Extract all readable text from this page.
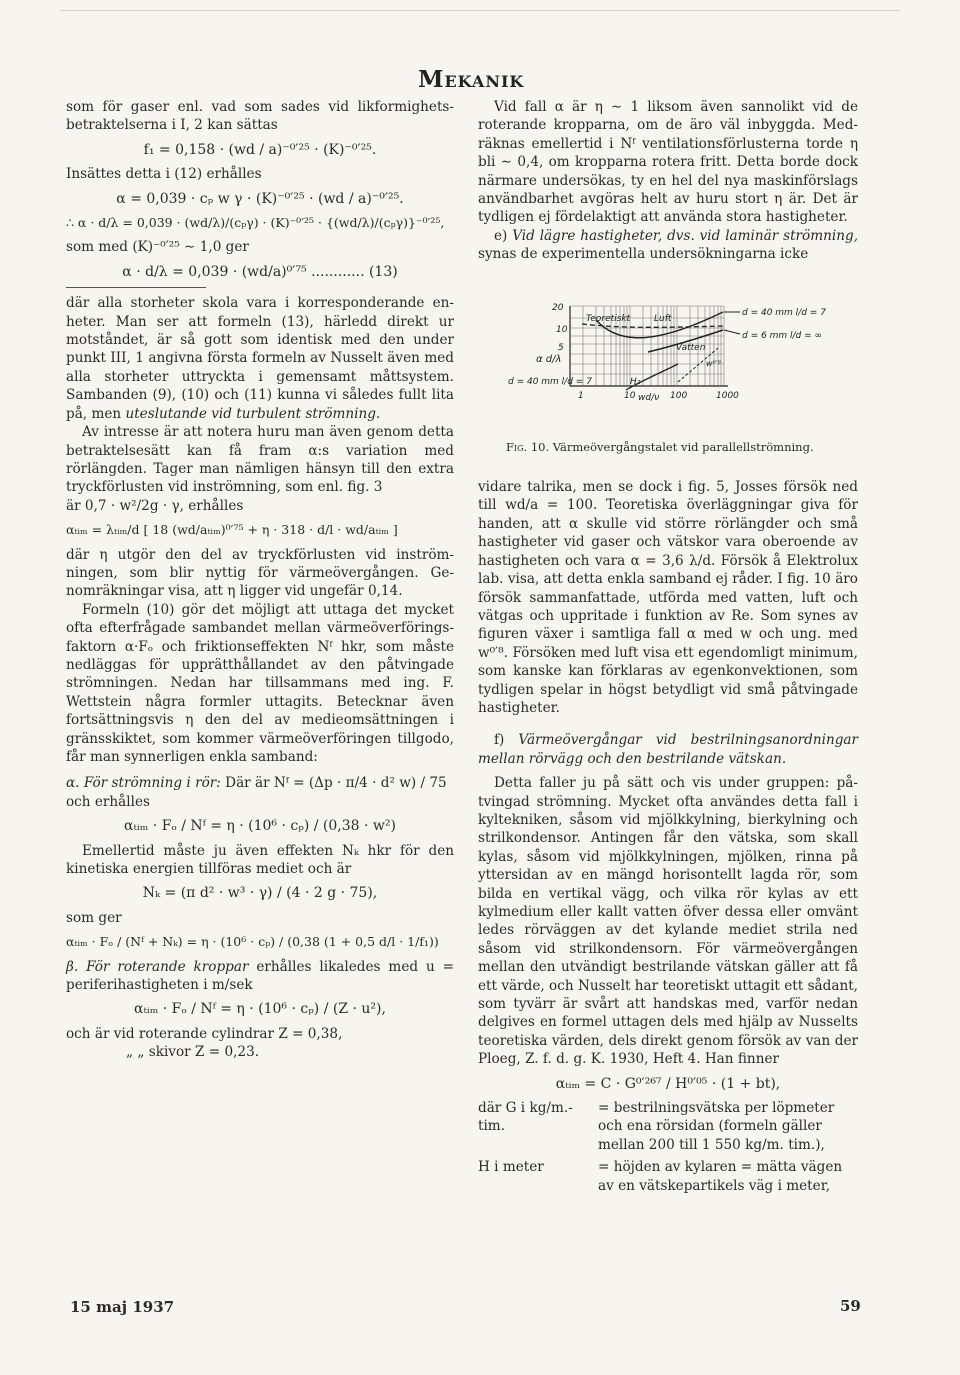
Mekanik

som för gaser enl. vad som sades vid likformighetsbetraktelserna i I, 2 kan sättas

f₁ = 0,158 · (wd / a)⁻⁰′²⁵ · (K)⁻⁰′²⁵.

Insättes detta i (12) erhålles

α = 0,039 · cₚ w γ · (K)⁻⁰′²⁵ · (wd / a)⁻⁰′²⁵.
∴ α · d/λ = 0,039 · (wd/λ)/(cₚγ) · (K)⁻⁰′²⁵ · {(wd/λ)/(cₚγ)}⁻⁰′²⁵,

som med (K)⁻⁰′²⁵ ∼ 1,0 ger

α · d/λ = 0,039 · (wd/a)⁰′⁷⁵ ............ (13)

där alla storheter skola vara i korresponderande enheter. Man ser att formeln (13), härledd direkt ur motståndet, är så gott som identisk med den under punkt III, 1 angivna första formeln av Nusselt även med alla storheter uttryckta i gemensamt måttsystem. Sambanden (9), (10) och (11) kunna vi således fullt lita på, men uteslutande vid turbulent strömning.

Av intresse är att notera huru man även genom detta betraktelsesätt kan få fram α:s variation med rörlängden. Tager man nämligen hänsyn till den extra tryckförlusten vid inströmning, som enl. fig. 3

är 0,7 · w²/2g · γ, erhålles

αₜᵢₘ = λₜᵢₘ/d [ 18 (wd/aₜᵢₘ)⁰′⁷⁵ + η · 318 · d/l · wd/aₜᵢₘ ]

där η utgör den del av tryckförlusten vid inströmningen, som blir nyttig för värmeövergången. Genomräkningar visa, att η ligger vid ungefär 0,14.

Formeln (10) gör det möjligt att uttaga det mycket ofta efterfrågade sambandet mellan värmeöverföringsfaktorn α·Fₒ och friktionseffekten Nᶠ hkr, som måste nedläggas för upprätthållandet av den påtvingade strömningen. Nedan har tillsammans med ing. F. Wettstein några formler uttagits. Betecknar även fortsättningsvis η den del av medieomsättningen i gränsskiktet, som kommer värmeöverföringen tillgodo, får man synnerligen enkla samband:

α. För strömning i rör: Där är Nᶠ = (Δp · π/4 · d² w) / 75

och erhålles

αₜᵢₘ · Fₒ / Nᶠ = η · (10⁶ · cₚ) / (0,38 · w²)

Emellertid måste ju även effekten Nₖ hkr för den kinetiska energien tillföras mediet och är

Nₖ = (π d² · w³ · γ) / (4 · 2 g · 75),

som ger

αₜᵢₘ · Fₒ / (Nᶠ + Nₖ) = η · (10⁶ · cₚ) / (0,38 (1 + 0,5 d/l · 1/f₁))

β. För roterande kroppar erhålles likaledes med u = periferihastigheten i m/sek

αₜᵢₘ · Fₒ / Nᶠ = η · (10⁶ · cₚ) / (Z · u²),

och är vid roterande cylindrar Z = 0,38,

„ „ skivor Z = 0,23.

Vid fall α är η ∼ 1 liksom även sannolikt vid de roterande kropparna, om de äro väl inbyggda. Medräknas emellertid i Nᶠ ventilationsförlusterna torde η bli ∼ 0,4, om kropparna rotera fritt. Detta borde dock närmare undersökas, ty en hel del nya maskinförslags användbarhet avgöras helt av huru stort η är. Det är tydligen ej fördelaktigt att använda stora hastigheter.

e) Vid lägre hastigheter, dvs. vid laminär strömning, synas de experimentella undersökningarna icke

20
10
5
α d/λ
1	10	100	1000
wd/ν
Teoretiskt	Luft
Vatten
H₂
w⁰′⁸
d = 40 mm l/d = 7
d = 6 mm l/d = ∞
d = 40 mm l/d = 7
Fig. 10. Värmeövergångstalet vid parallellströmning.

vidare talrika, men se dock i fig. 5, Josses försök ned till wd/a = 100. Teoretiska överläggningar giva för handen, att α skulle vid större rörlängder och små hastigheter vid gaser och vätskor vara oberoende av hastigheten och vara α = 3,6 λ/d. Försök å Elektrolux lab. visa, att detta enkla samband ej råder. I fig. 10 äro försök sammanfattade, utförda med vatten, luft och vätgas och uppritade i funktion av Re. Som synes av figuren växer i samtliga fall α med w och ung. med w⁰′⁸. Försöken med luft visa ett egendomligt minimum, som kanske kan förklaras av egenkonvektionen, som tydligen spelar in högst betydligt vid små påtvingade hastigheter.

f) Värmeövergångar vid bestrilningsanordningar mellan rörvägg och den bestrilande vätskan.

Detta faller ju på sätt och vis under gruppen: påtvingad strömning. Mycket ofta användes detta fall i kyltekniken, såsom vid mjölkkylning, bierkylning och strilkondensor. Antingen får den vätska, som skall kylas, såsom vid mjölkkylningen, mjölken, rinna på yttersidan av en mängd horisontellt lagda rör, som bilda en vertikal vägg, och vilka rör kylas av ett kylmedium eller kallt vatten öfver dessa eller omvänt ledes rörväggen av det kylande mediet strila ned såsom vid strilkondensorn. För värmeövergången mellan den utvändigt bestrilande vätskan gäller att få ett värde, och Nusselt har teoretiskt uttagit ett sådant, som tyvärr är svårt att handskas med, varför nedan delgives en formel uttagen dels med hjälp av Nusselts teoretiska värden, dels direkt genom försök av van der Ploeg, Z. f. d. g. K. 1930, Heft 4. Han finner

αₜᵢₘ = C · G⁰′²⁶⁷ / H⁰′⁰⁵ · (1 + bt),
där G i kg/m.-tim.
= bestrilningsvätska per löpmeter och ena rörsidan (formeln gäller mellan 200 till 1 550 kg/m. tim.),
H i meter	= höjden av kylaren = mätta vägen av en vätskepartikels väg i meter,
15 maj 1937	59
